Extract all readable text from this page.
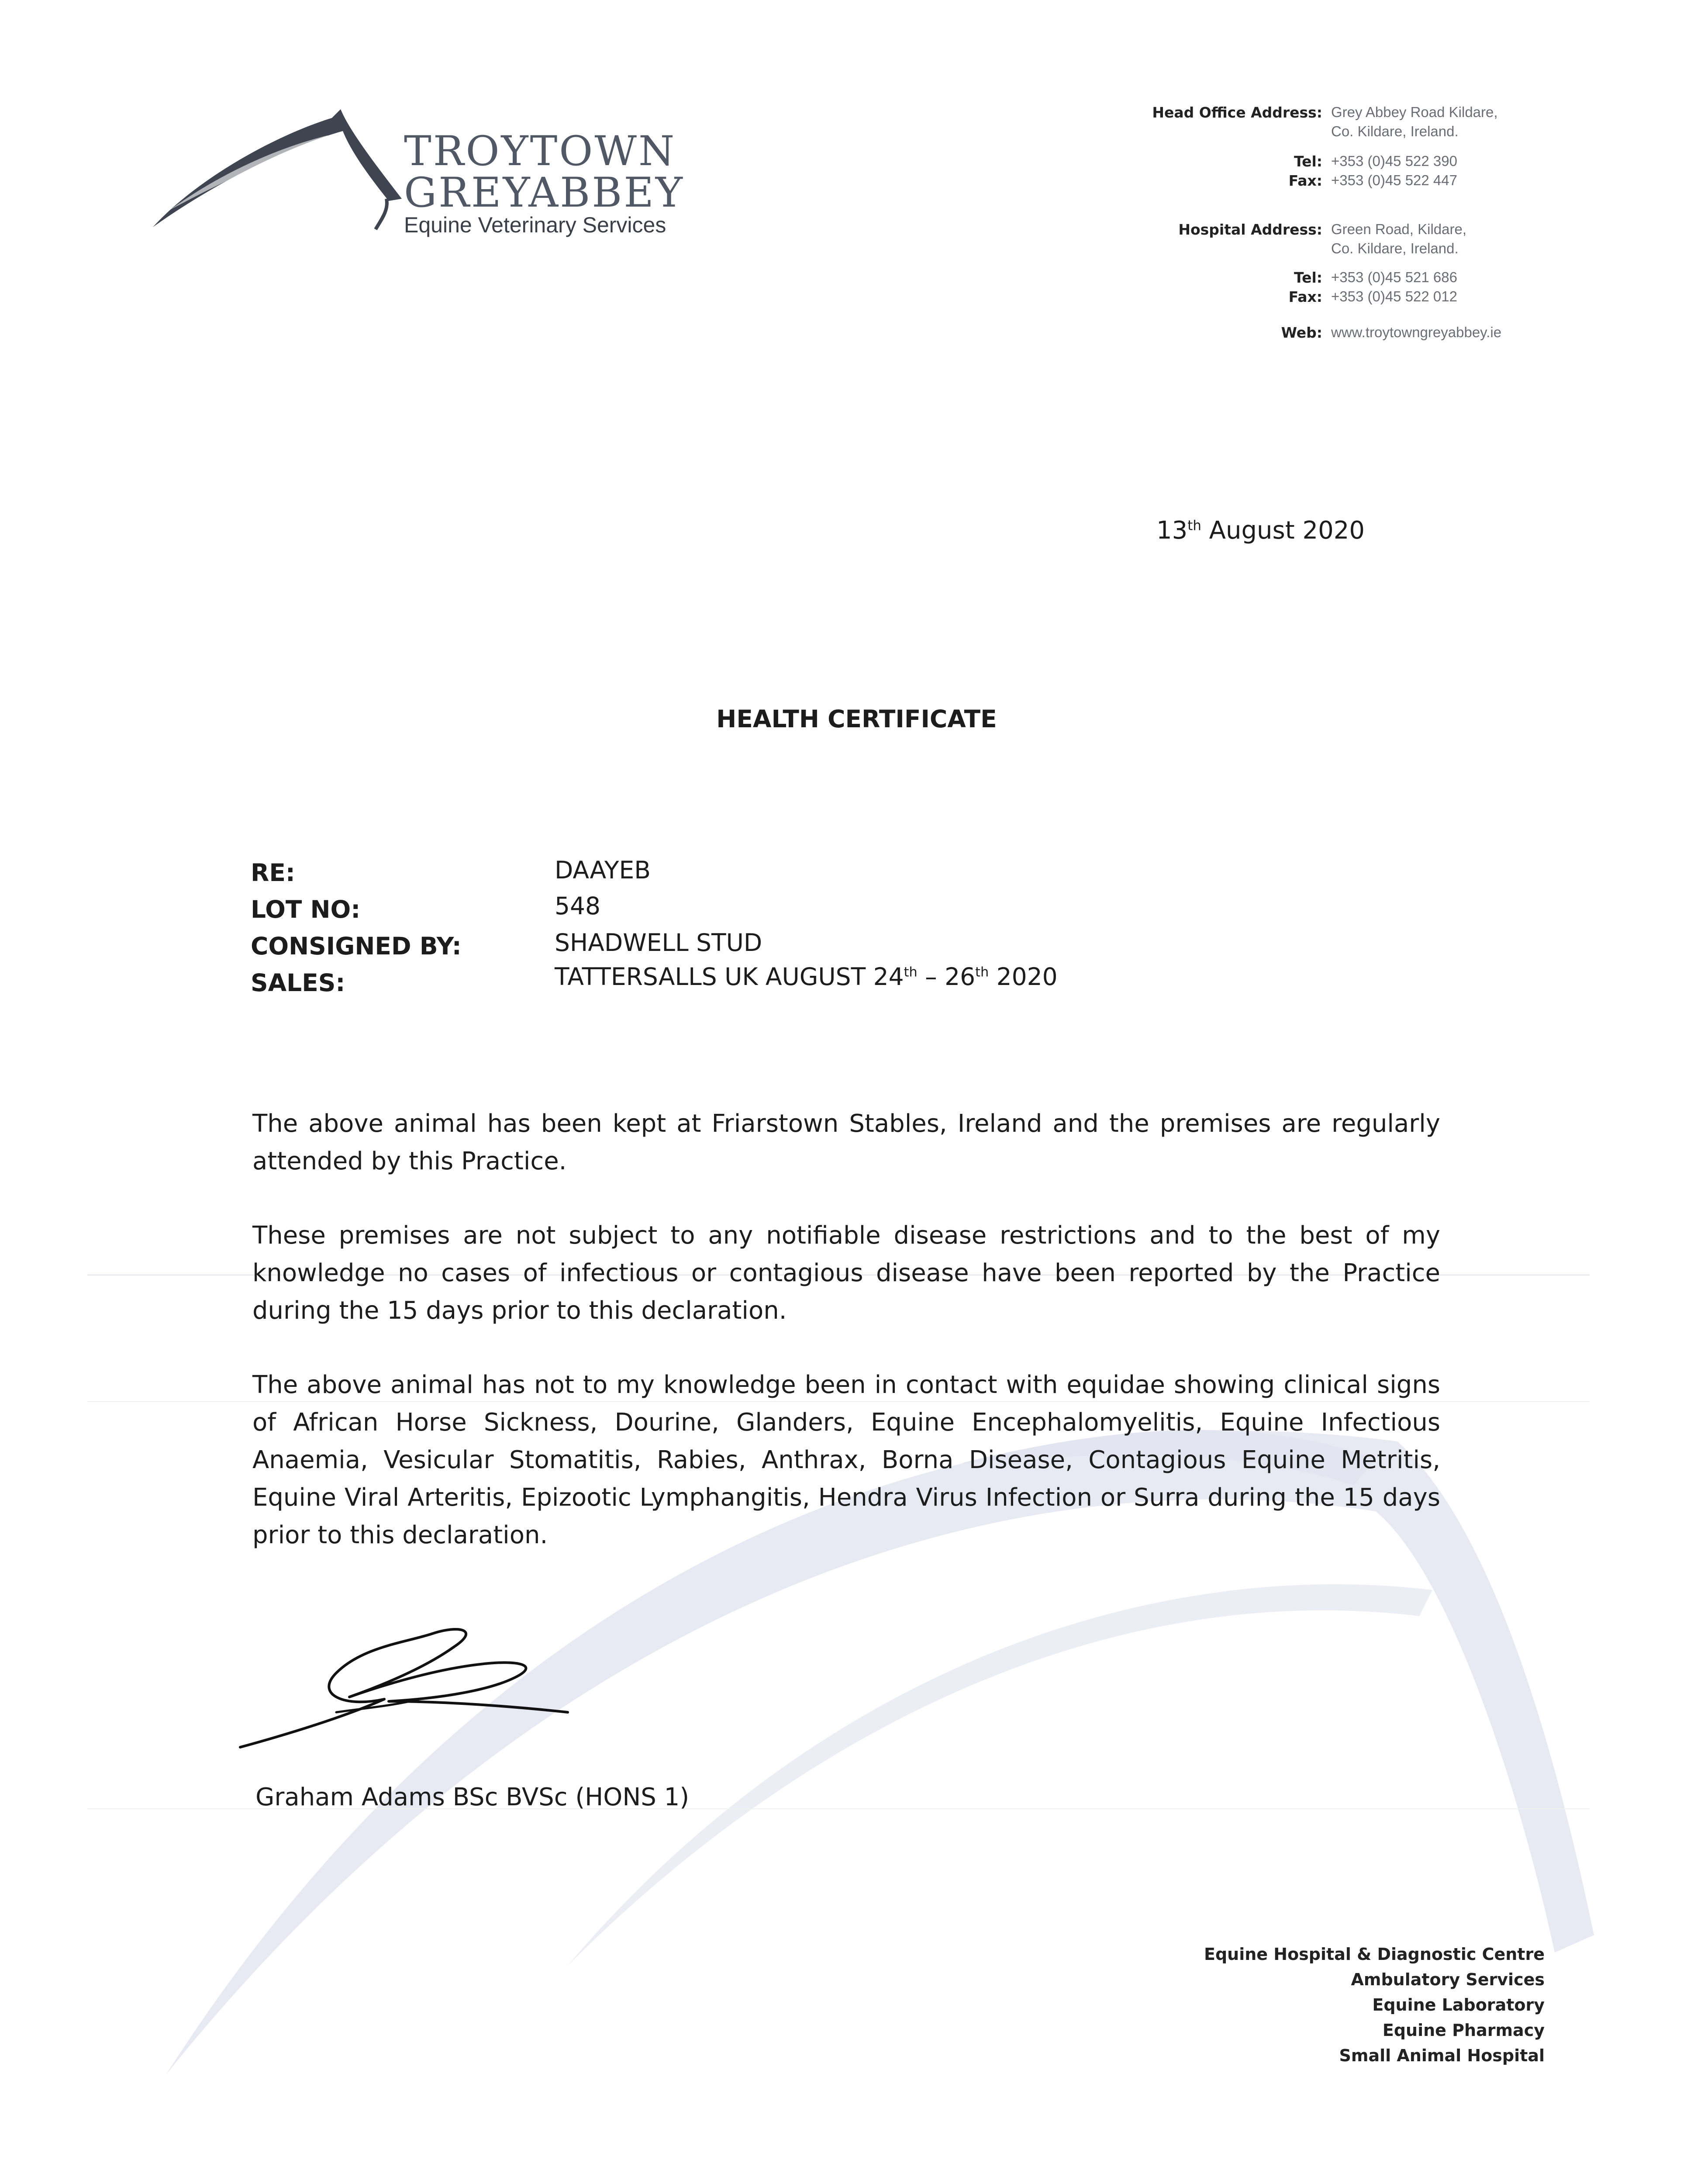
TROYTOWN
GREYABBEY
Equine Veterinary Services
Head Office Address: Grey Abbey Road Kildare,
Co. Kildare, Ireland.
Tel: +353 (0)45 522 390
Fax: +353 (0)45 522 447
Hospital Address: Green Road, Kildare,
Co. Kildare, Ireland.
Tel: +353 (0)45 521 686
Fax: +353 (0)45 522 012
Web: www.troytowngreyabbey.ie
13th August 2020
HEALTH CERTIFICATE
RE:	DAAYEB
LOT NO:	548
CONSIGNED BY:	SHADWELL STUD
SALES:	TATTERSALLS UK AUGUST 24th – 26th 2020
The above animal has been kept at Friarstown Stables, Ireland and the premises are regularly attended by this Practice.
These premises are not subject to any notifiable disease restrictions and to the best of my knowledge no cases of infectious or contagious disease have been reported by the Practice during the 15 days prior to this declaration.
The above animal has not to my knowledge been in contact with equidae showing clinical signs of African Horse Sickness, Dourine, Glanders, Equine Encephalomyelitis, Equine Infectious Anaemia, Vesicular Stomatitis, Rabies, Anthrax, Borna Disease, Contagious Equine Metritis, Equine Viral Arteritis, Epizootic Lymphangitis, Hendra Virus Infection or Surra during the 15 days prior to this declaration.
Graham Adams BSc BVSc (HONS 1)
Equine Hospital & Diagnostic Centre
Ambulatory Services
Equine Laboratory
Equine Pharmacy
Small Animal Hospital
